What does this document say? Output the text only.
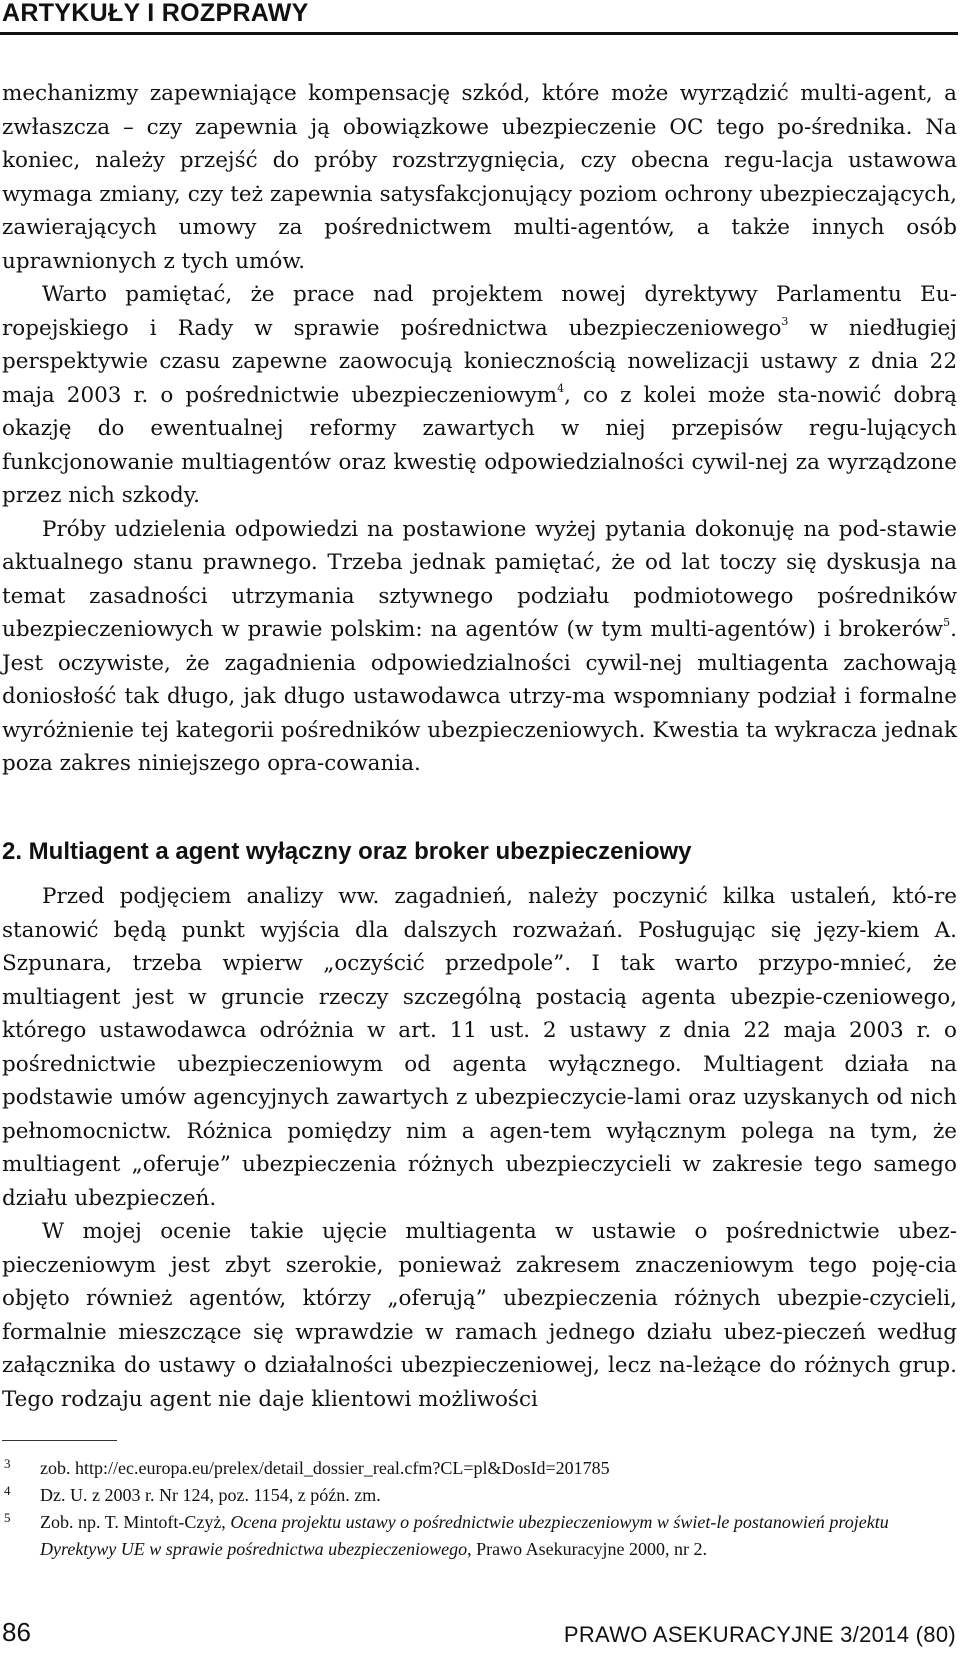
ARTYKUŁY I ROZPRAWY

mechanizmy zapewniające kompensację szkód, które może wyrządzić multi-agent, a zwłaszcza – czy zapewnia ją obowiązkowe ubezpieczenie OC tego po-średnika. Na koniec, należy przejść do próby rozstrzygnięcia, czy obecna regu-lacja ustawowa wymaga zmiany, czy też zapewnia satysfakcjonujący poziom ochrony ubezpieczających, zawierających umowy za pośrednictwem multi-agentów, a także innych osób uprawnionych z tych umów.

Warto pamiętać, że prace nad projektem nowej dyrektywy Parlamentu Eu-ropejskiego i Rady w sprawie pośrednictwa ubezpieczeniowego$^3$ w niedługiej perspektywie czasu zapewne zaowocują koniecznością nowelizacji ustawy z dnia 22 maja 2003 r. o pośrednictwie ubezpieczeniowym$^4$, co z kolei może sta-nowić dobrą okazję do ewentualnej reformy zawartych w niej przepisów regu-lujących funkcjonowanie multiagentów oraz kwestię odpowiedzialności cywil-nej za wyrządzone przez nich szkody.

Próby udzielenia odpowiedzi na postawione wyżej pytania dokonuję na pod-stawie aktualnego stanu prawnego. Trzeba jednak pamiętać, że od lat toczy się dyskusja na temat zasadności utrzymania sztywnego podziału podmiotowego pośredników ubezpieczeniowych w prawie polskim: na agentów (w tym multi-agentów) i brokerów$^5$. Jest oczywiste, że zagadnienia odpowiedzialności cywil-nej multiagenta zachowają doniosłość tak długo, jak długo ustawodawca utrzy-ma wspomniany podział i formalne wyróżnienie tej kategorii pośredników ubezpieczeniowych. Kwestia ta wykracza jednak poza zakres niniejszego opra-cowania.

2. Multiagent a agent wyłączny oraz broker ubezpieczeniowy

Przed podjęciem analizy ww. zagadnień, należy poczynić kilka ustaleń, któ-re stanowić będą punkt wyjścia dla dalszych rozważań. Posługując się języ-kiem A. Szpunara, trzeba wpierw „oczyścić przedpole”. I tak warto przypo-mnieć, że multiagent jest w gruncie rzeczy szczególną postacią agenta ubezpie-czeniowego, którego ustawodawca odróżnia w art. 11 ust. 2 ustawy z dnia 22 maja 2003 r. o pośrednictwie ubezpieczeniowym od agenta wyłącznego. Multiagent działa na podstawie umów agencyjnych zawartych z ubezpieczycie-lami oraz uzyskanych od nich pełnomocnictw. Różnica pomiędzy nim a agen-tem wyłącznym polega na tym, że multiagent „oferuje” ubezpieczenia różnych ubezpieczycieli w zakresie tego samego działu ubezpieczeń.

W mojej ocenie takie ujęcie multiagenta w ustawie o pośrednictwie ubez-pieczeniowym jest zbyt szerokie, ponieważ zakresem znaczeniowym tego poję-cia objęto również agentów, którzy „oferują” ubezpieczenia różnych ubezpie-czycieli, formalnie mieszczące się wprawdzie w ramach jednego działu ubez-pieczeń według załącznika do ustawy o działalności ubezpieczeniowej, lecz na-leżące do różnych grup. Tego rodzaju agent nie daje klientowi możliwości

3 zob. http://ec.europa.eu/prelex/detail_dossier_real.cfm?CL=pl&DosId=201785
4 Dz. U. z 2003 r. Nr 124, poz. 1154, z późn. zm.
5 Zob. np. T. Mintoft-Czyż, Ocena projektu ustawy o pośrednictwie ubezpieczeniowym w świet-le postanowień projektu Dyrektywy UE w sprawie pośrednictwa ubezpieczeniowego, Prawo Asekuracyjne 2000, nr 2.
86	PRAWO ASEKURACYJNE 3/2014 (80)
